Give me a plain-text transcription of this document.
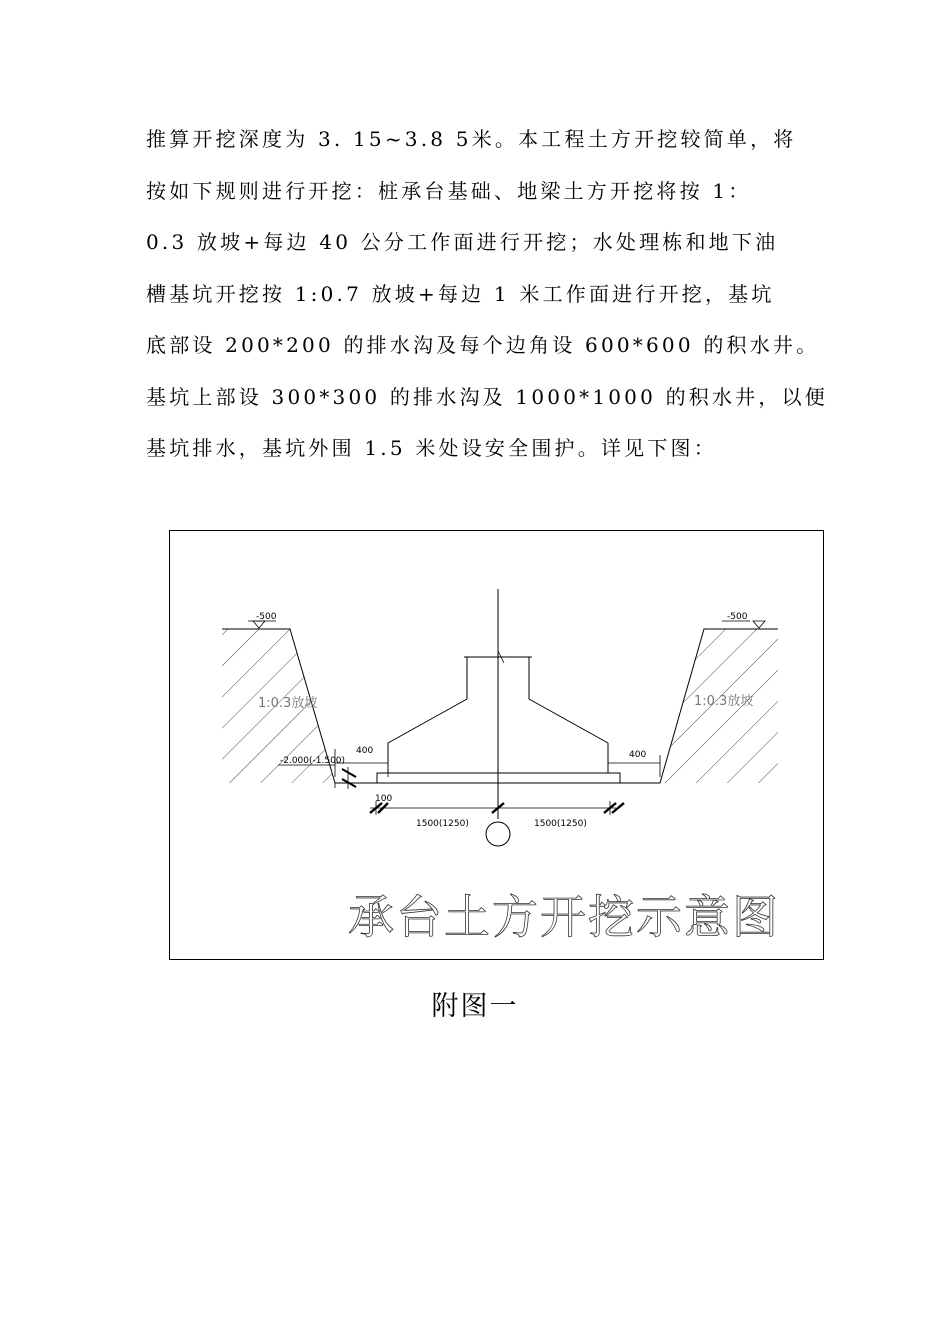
推算开挖深度为 3. 15~3.8 5米。本工程土方开挖较简单，将
按如下规则进行开挖：桩承台基础、地梁土方开挖将按 1：
0.3 放坡+每边 40 公分工作面进行开挖；水处理栋和地下油
槽基坑开挖按 1:0.7 放坡+每边 1 米工作面进行开挖，基坑
底部设 200*200 的排水沟及每个边角设 600*600 的积水井。
基坑上部设 300*300 的排水沟及 1000*1000 的积水井，以便
基坑排水，基坑外围 1.5 米处设安全围护。详见下图：
-500	-500
1:0.3放坡	1:0.3放坡
400	400
-2.000(-1.500)
100
1500(1250)	1500(1250)
承台土方开挖示意图
附图一
